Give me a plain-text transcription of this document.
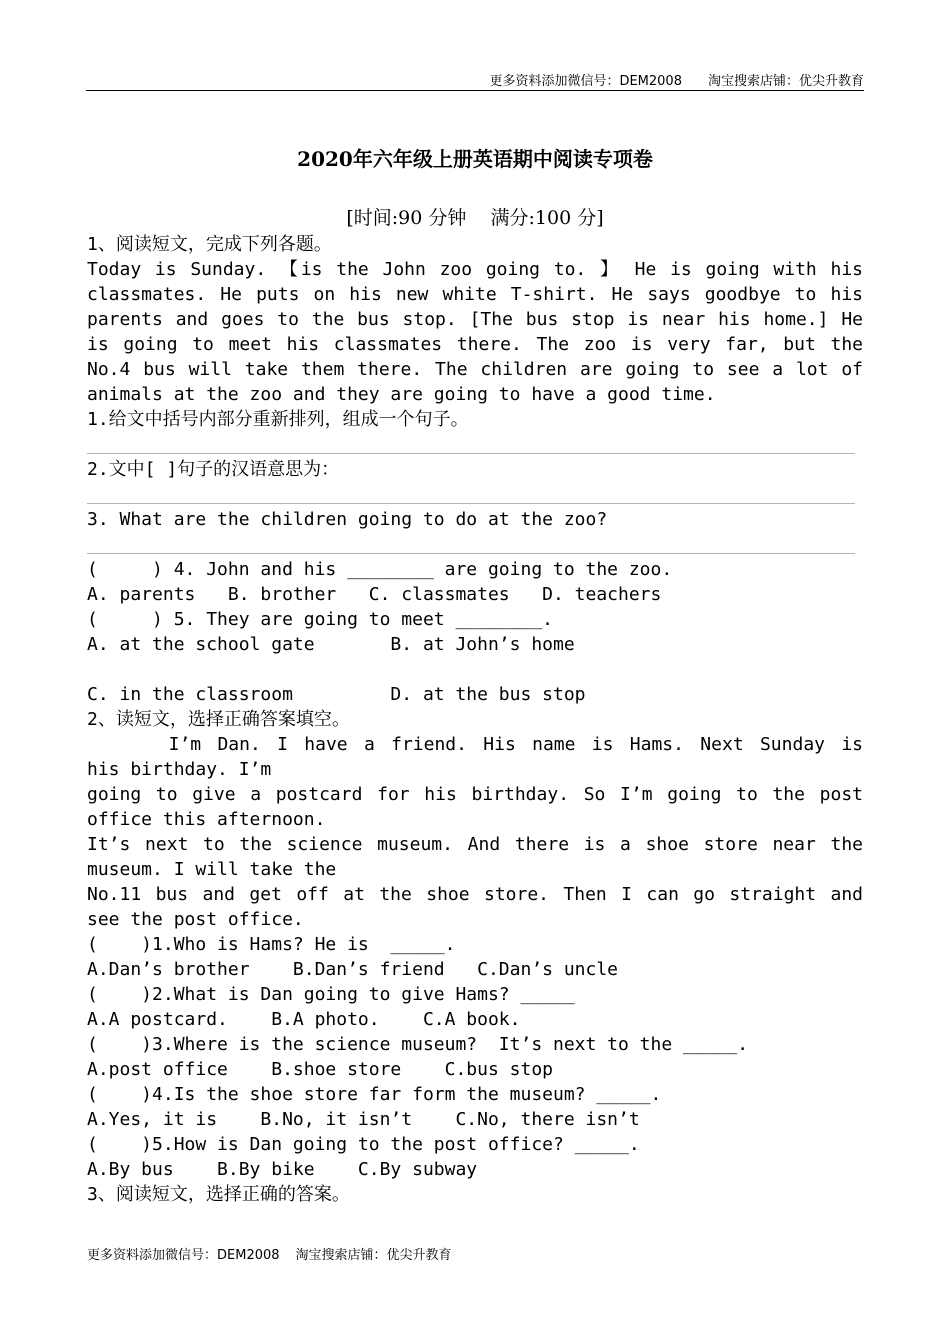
更多资料添加微信号：DEM2008 淘宝搜索店铺：优尖升教育
2020年六年级上册英语期中阅读专项卷
[时间:90 分钟    满分:100 分]
1、阅读短文，完成下列各题。
Today is Sunday. 【is the John zoo going to. 】 He is going with his
classmates. He puts on his new white T-shirt. He says goodbye to his
parents and goes to the bus stop. [The bus stop is near his home.] He
is going to meet his classmates there. The zoo is very far, but the
No.4 bus will take them there. The children are going to see a lot of
animals at the zoo and they are going to have a good time.
1.给文中括号内部分重新排列，组成一个句子。
2.文中[ ]句子的汉语意思为：
3. What are the children going to do at the zoo?
(     ) 4. John and his ________ are going to the zoo.
A. parents   B. brother   C. classmates   D. teachers
(     ) 5. They are going to meet ________.
A. at the school gate       B. at John’s home
C. in the classroom         D. at the bus stop
2、读短文，选择正确答案填空。
I’m Dan. I have a friend. His name is Hams. Next Sunday is
his birthday. I’m
going to give a postcard for his birthday. So I’m going to the post
office this afternoon.
It’s next to the science museum. And there is a shoe store near the
museum. I will take the
No.11 bus and get off at the shoe store. Then I can go straight and
see the post office.
(    )1.Who is Hams? He is  _____.
A.Dan’s brother    B.Dan’s friend   C.Dan’s uncle
(    )2.What is Dan going to give Hams? _____
A.A postcard.    B.A photo.    C.A book.
(    )3.Where is the science museum?  It’s next to the _____.
A.post office    B.shoe store    C.bus stop
(    )4.Is the shoe store far form the museum? _____.
A.Yes, it is    B.No, it isn’t    C.No, there isn’t
(    )5.How is Dan going to the post office? _____.
A.By bus    B.By bike    C.By subway
3、阅读短文，选择正确的答案。
更多资料添加微信号：DEM2008 淘宝搜索店铺：优尖升教育
